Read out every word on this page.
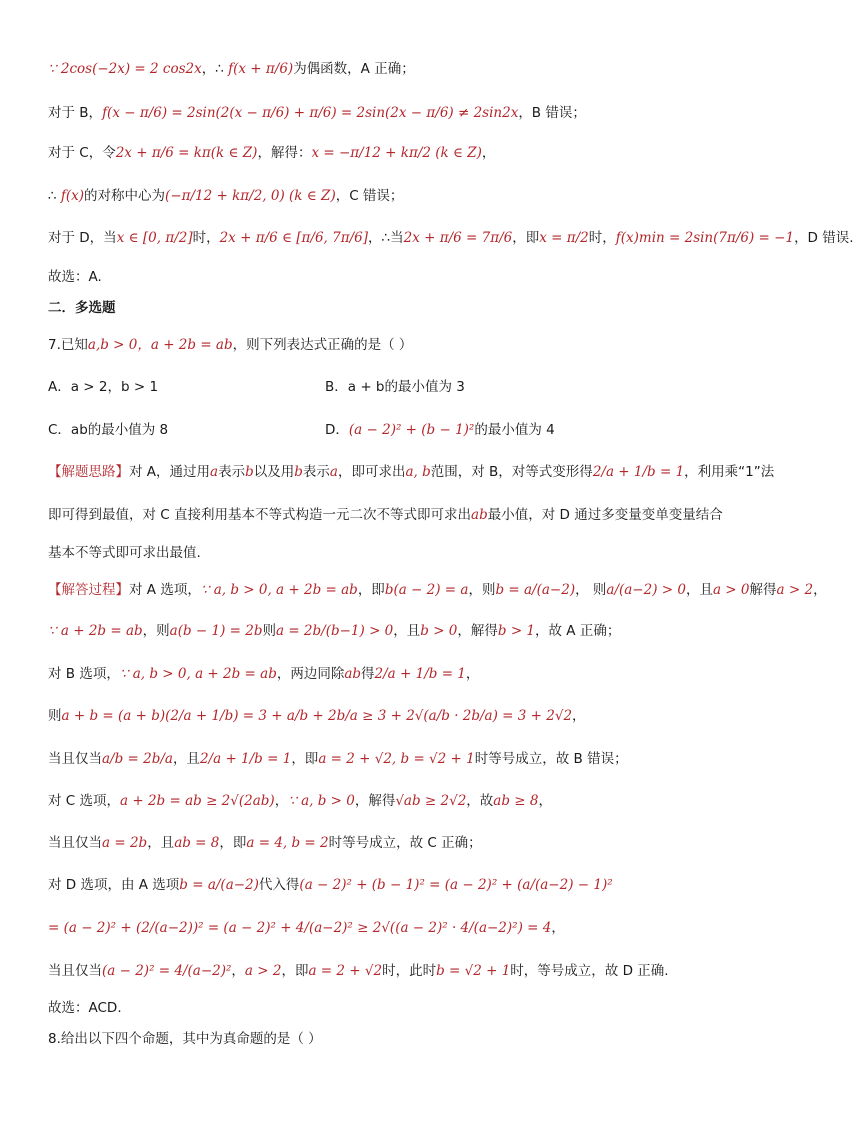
∵ 2cos(−2x) = 2 cos2x，∴ f(x + π/6)为偶函数，A 正确；
对于 B，f(x − π/6) = 2sin(2(x − π/6) + π/6) = 2sin(2x − π/6) ≠ 2sin2x，B 错误；
对于 C，令2x + π/6 = kπ(k ∈ Z)，解得：x = −π/12 + kπ/2 (k ∈ Z)，
∴ f(x)的对称中心为(−π/12 + kπ/2, 0) (k ∈ Z)，C 错误；
对于 D，当x ∈ [0, π/2]时，2x + π/6 ∈ [π/6, 7π/6]，∴当2x + π/6 = 7π/6，即x = π/2时，f(x)min = 2sin(7π/6) = −1，D 错误.
故选：A.
二．多选题
7.已知a,b > 0，a + 2b = ab，则下列表达式正确的是（ ）
A．a > 2，b > 1	B．a + b的最小值为 3
C．ab的最小值为 8	D．(a − 2)² + (b − 1)²的最小值为 4
【解题思路】对 A，通过用a表示b以及用b表示a，即可求出a, b范围，对 B，对等式变形得2/a + 1/b = 1，利用乘“1”法
即可得到最值，对 C 直接利用基本不等式构造一元二次不等式即可求出ab最小值，对 D 通过多变量变单变量结合
基本不等式即可求出最值.
【解答过程】对 A 选项，∵ a, b > 0, a + 2b = ab，即b(a − 2) = a，则b = a/(a−2)， 则a/(a−2) > 0，且a > 0解得a > 2，
∵ a + 2b = ab，则a(b − 1) = 2b则a = 2b/(b−1) > 0，且b > 0，解得b > 1，故 A 正确；
对 B 选项，∵ a, b > 0, a + 2b = ab，两边同除ab得2/a + 1/b = 1，
则a + b = (a + b)(2/a + 1/b) = 3 + a/b + 2b/a ≥ 3 + 2√(a/b · 2b/a) = 3 + 2√2，
当且仅当a/b = 2b/a，且2/a + 1/b = 1，即a = 2 + √2, b = √2 + 1时等号成立，故 B 错误；
对 C 选项，a + 2b = ab ≥ 2√(2ab)，∵ a, b > 0，解得√ab ≥ 2√2，故ab ≥ 8，
当且仅当a = 2b，且ab = 8，即a = 4, b = 2时等号成立，故 C 正确；
对 D 选项，由 A 选项b = a/(a−2)代入得(a − 2)² + (b − 1)² = (a − 2)² + (a/(a−2) − 1)²
= (a − 2)² + (2/(a−2))² = (a − 2)² + 4/(a−2)² ≥ 2√((a − 2)² · 4/(a−2)²) = 4，
当且仅当(a − 2)² = 4/(a−2)²，a > 2，即a = 2 + √2时，此时b = √2 + 1时，等号成立，故 D 正确.
故选：ACD.
8.给出以下四个命题，其中为真命题的是（ ）
